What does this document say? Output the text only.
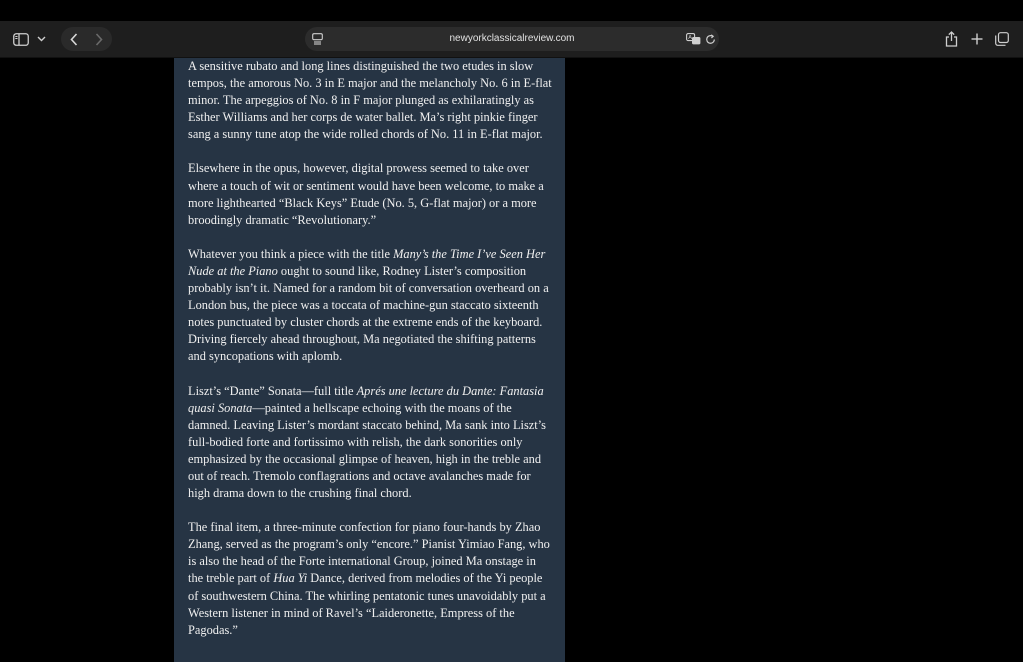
newyorkclassicalreview.com	A

A sensitive rubato and long lines distinguished the two etudes in slow tempos, the amorous No. 3 in E major and the melancholy No. 6 in E-flat minor. The arpeggios of No. 8 in F major plunged as exhilaratingly as Esther Williams and her corps de water ballet. Ma’s right pinkie finger sang a sunny tune atop the wide rolled chords of No. 11 in E-flat major.

Elsewhere in the opus, however, digital prowess seemed to take over where a touch of wit or sentiment would have been welcome, to make a more lighthearted “Black Keys” Etude (No. 5, G-flat major) or a more broodingly dramatic “Revolutionary.”

Whatever you think a piece with the title Many’s the Time I’ve Seen Her Nude at the Piano ought to sound like, Rodney Lister’s composition probably isn’t it. Named for a random bit of conversation overheard on a London bus, the piece was a toccata of machine-gun staccato sixteenth notes punctuated by cluster chords at the extreme ends of the keyboard. Driving fiercely ahead throughout, Ma negotiated the shifting patterns and syncopations with aplomb.

Liszt’s “Dante” Sonata—full title Aprés une lecture du Dante: Fantasia quasi Sonata—painted a hellscape echoing with the moans of the damned. Leaving Lister’s mordant staccato behind, Ma sank into Liszt’s full-bodied forte and fortissimo with relish, the dark sonorities only emphasized by the occasional glimpse of heaven, high in the treble and out of reach. Tremolo conflagrations and octave avalanches made for high drama down to the crushing final chord.

The final item, a three-minute confection for piano four-hands by Zhao Zhang, served as the program’s only “encore.” Pianist Yimiao Fang, who is also the head of the Forte international Group, joined Ma onstage in the treble part of Hua Yi Dance, derived from melodies of the Yi people of southwestern China. The whirling pentatonic tunes unavoidably put a Western listener in mind of Ravel’s “Laideronette, Empress of the Pagodas.”
